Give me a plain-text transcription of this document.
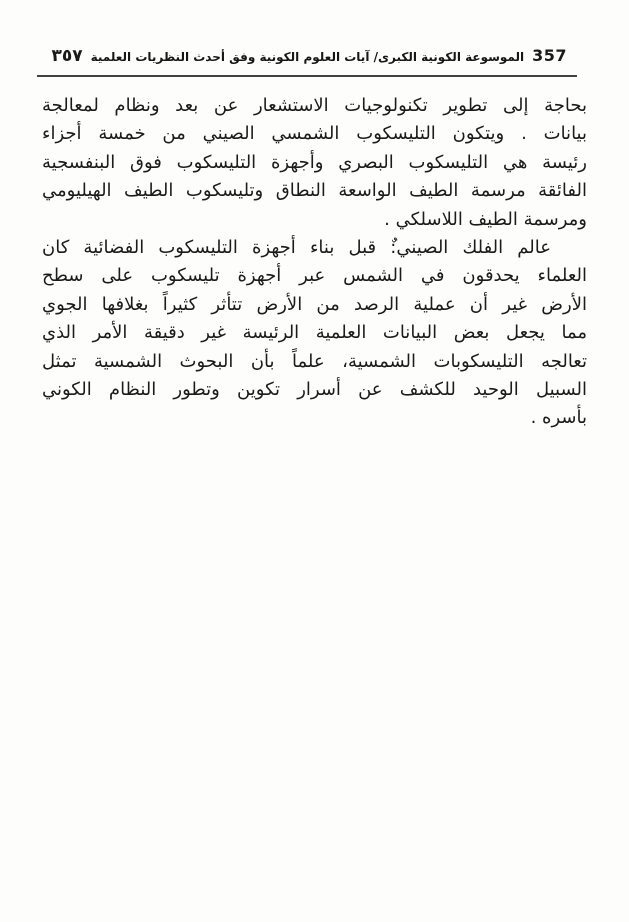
357
الموسوعة الكونية الكبرى/ آيات العلوم الكونية وفق أحدث النظريات العلمية
٣٥٧
بحاجة إلى تطوير تكنولوجيات الاستشعار عن بعد ونظام لمعالجة
بيانات . ويتكون التليسكوب الشمسي الصيني من خمسة أجزاء
رئيسة هي التليسكوب البصري وأجهزة التليسكوب فوق البنفسجية
الفائقة مرسمة الطيف الواسعة النطاق وتليسكوب الطيف الهيليومي
ومرسمة الطيف اللاسلكي .
عالم الفلك الصيني:ٌ قبل بناء أجهزة التليسكوب الفضائية كان
العلماء يحدقون في الشمس عبر أجهزة تليسكوب على سطح
الأرض غير أن عملية الرصد من الأرض تتأثر كثيراً بغلافها الجوي
مما يجعل بعض البيانات العلمية الرئيسة غير دقيقة الأمر الذي
تعالجه التليسكوبات الشمسية، علماً بأن البحوث الشمسية تمثل
السبيل الوحيد للكشف عن أسرار تكوين وتطور النظام الكوني
بأسره .
